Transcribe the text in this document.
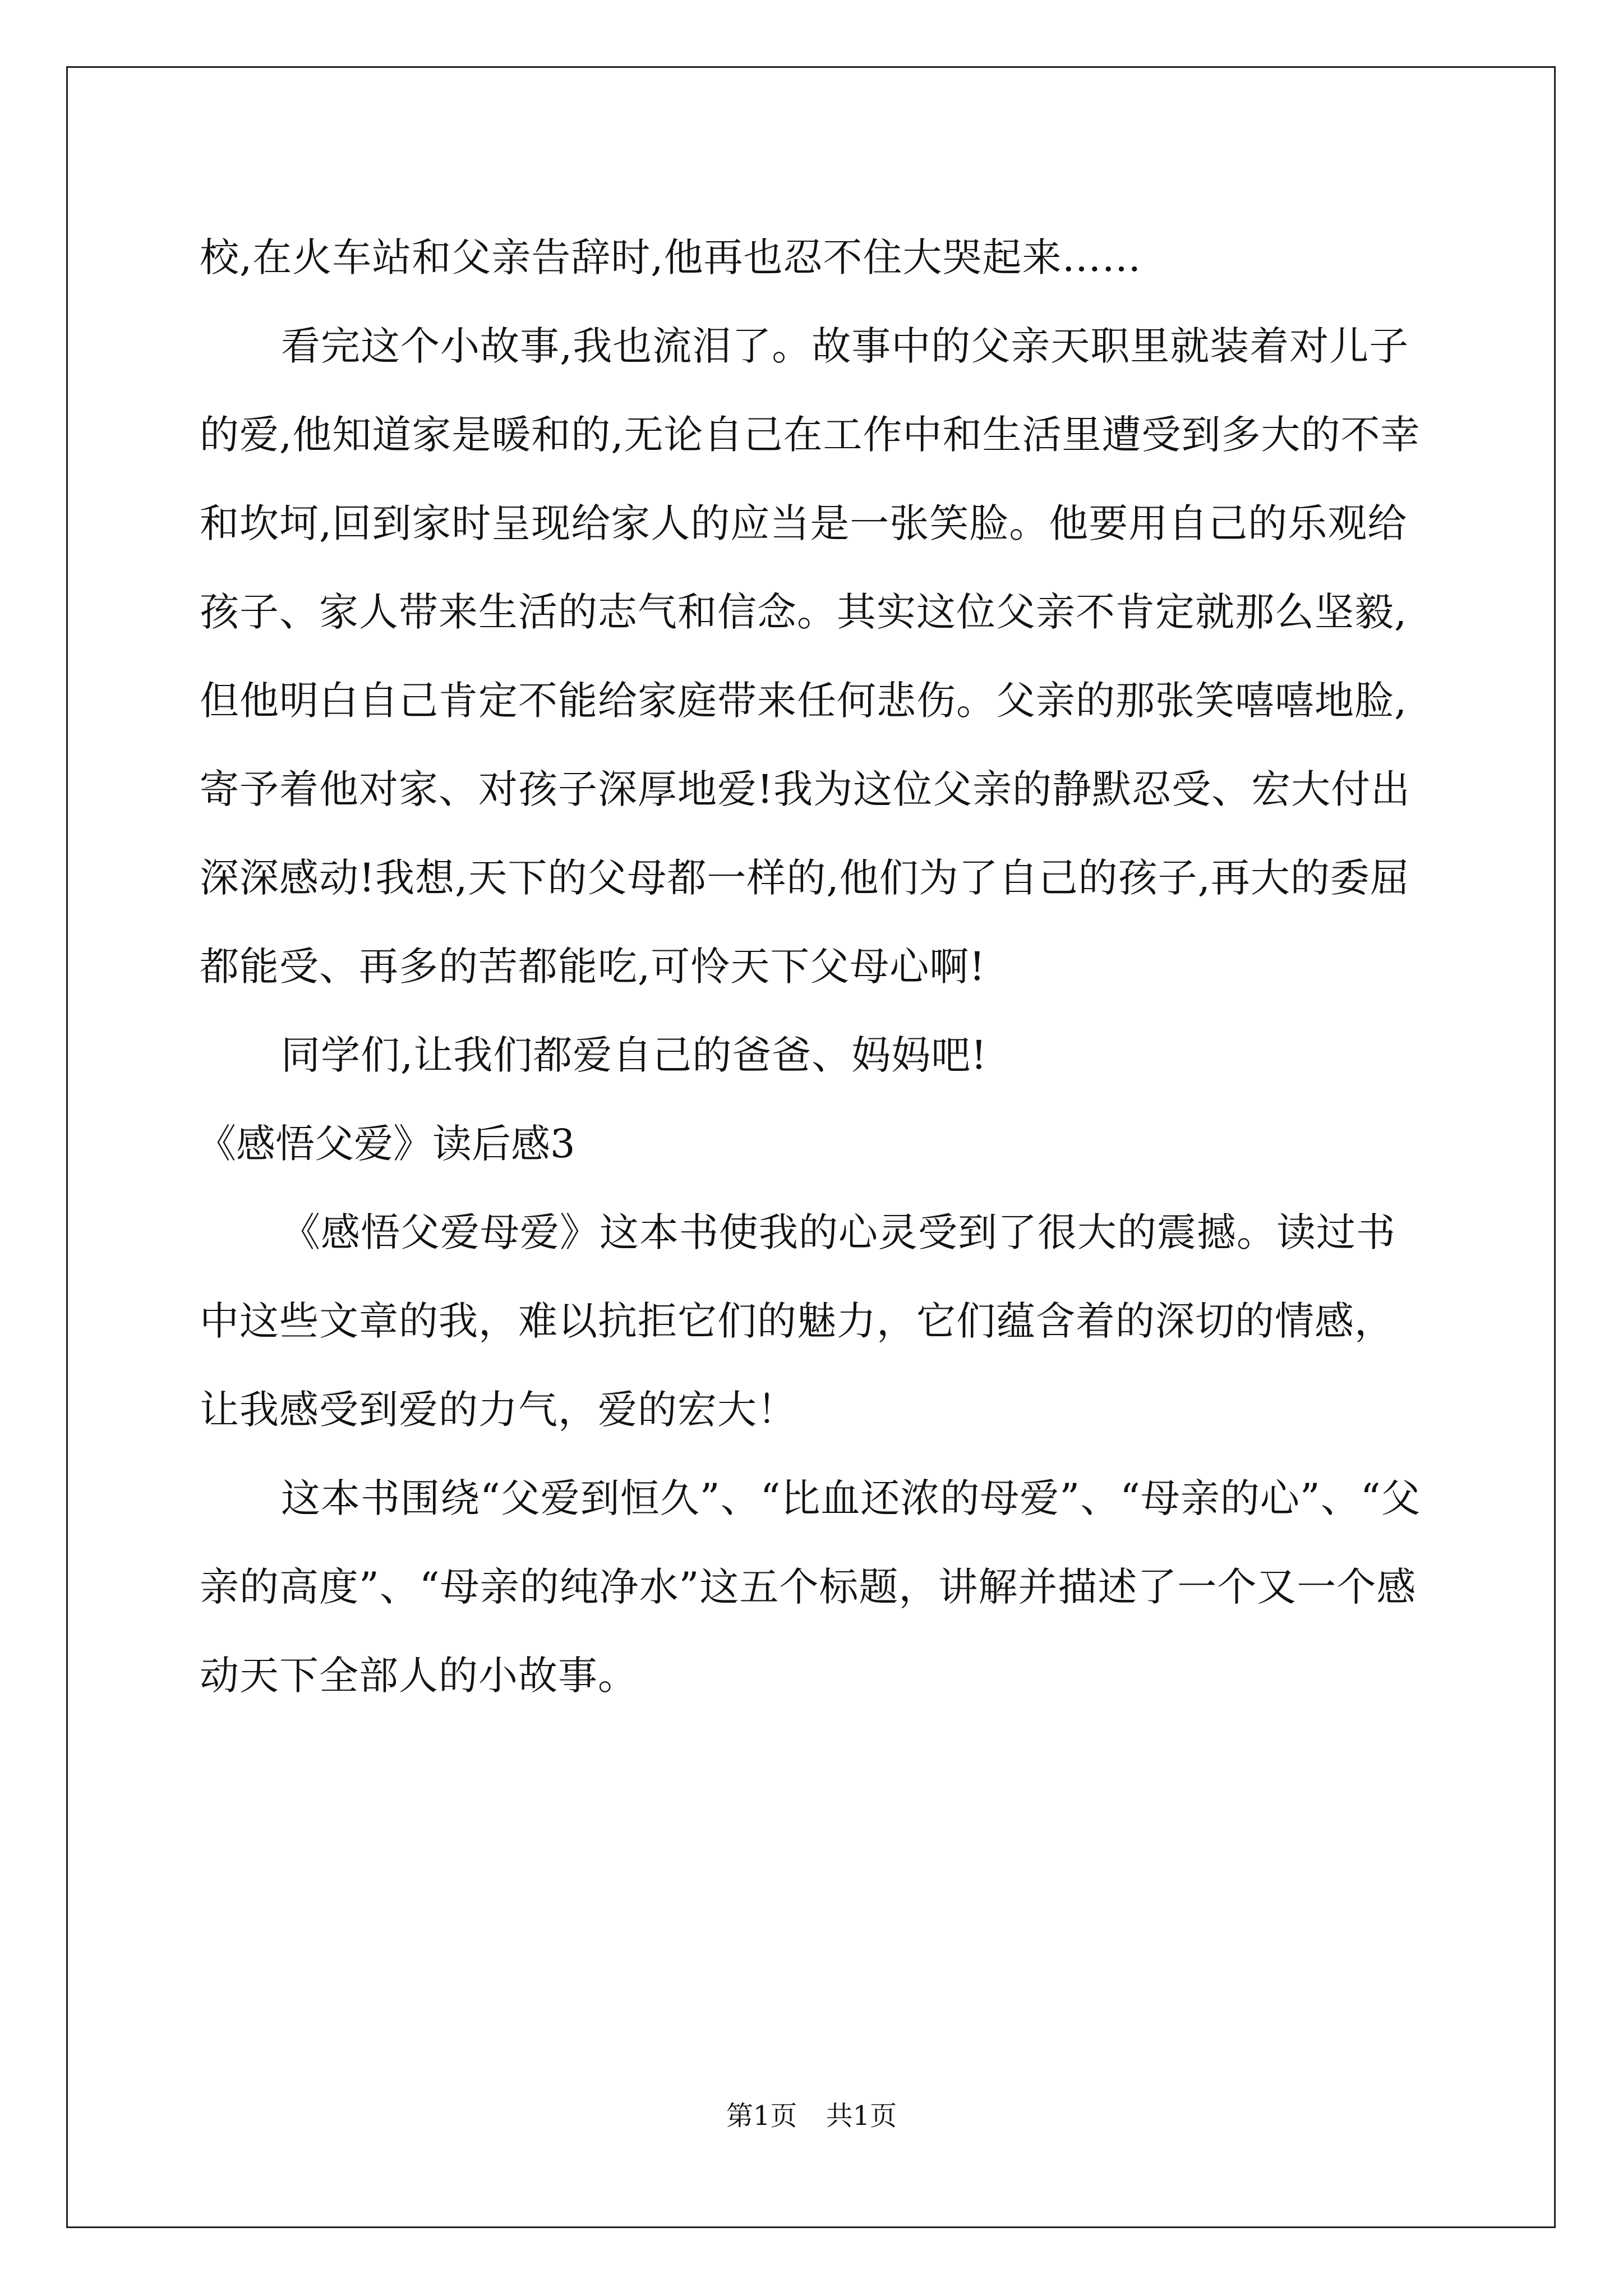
校,在火车站和父亲告辞时,他再也忍不住大哭起来……

看完这个小故事,我也流泪了。故事中的父亲天职里就装着对儿子的爱,他知道家是暖和的,无论自己在工作中和生活里遭受到多大的不幸和坎坷,回到家时呈现给家人的应当是一张笑脸。他要用自己的乐观给孩子、家人带来生活的志气和信念。其实这位父亲不肯定就那么坚毅,但他明白自己肯定不能给家庭带来任何悲伤。父亲的那张笑嘻嘻地脸,寄予着他对家、对孩子深厚地爱!我为这位父亲的静默忍受、宏大付出深深感动!我想,天下的父母都一样的,他们为了自己的孩子,再大的委屈都能受、再多的苦都能吃,可怜天下父母心啊!

同学们,让我们都爱自己的爸爸、妈妈吧!

《感悟父爱》读后感3

《感悟父爱母爱》这本书使我的心灵受到了很大的震撼。读过书中这些文章的我，难以抗拒它们的魅力，它们蕴含着的深切的情感，让我感受到爱的力气，爱的宏大！

这本书围绕“父爱到恒久”、“比血还浓的母爱”、“母亲的心”、“父亲的高度”、“母亲的纯净水”这五个标题，讲解并描述了一个又一个感动天下全部人的小故事。

第1页 共1页
